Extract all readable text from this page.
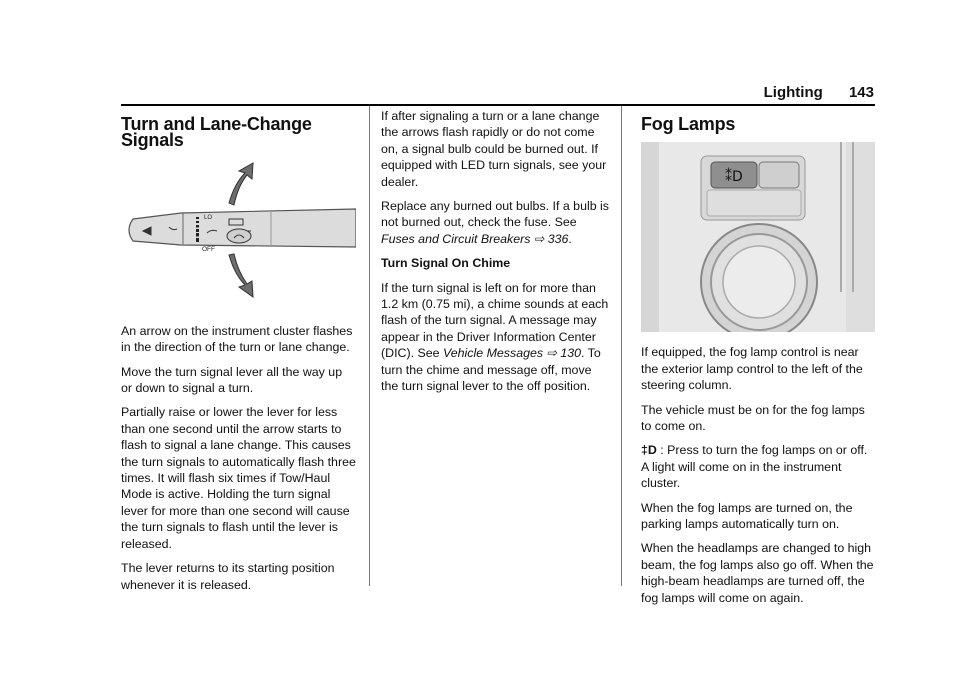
Lighting 143
Turn and Lane-Change Signals
LO
OFF

An arrow on the instrument cluster flashes in the direction of the turn or lane change.

Move the turn signal lever all the way up or down to signal a turn.

Partially raise or lower the lever for less than one second until the arrow starts to flash to signal a lane change. This causes the turn signals to automatically flash three times. It will flash six times if Tow/Haul Mode is active. Holding the turn signal lever for more than one second will cause the turn signals to flash until the lever is released.

The lever returns to its starting position whenever it is released.

If after signaling a turn or a lane change the arrows flash rapidly or do not come on, a signal bulb could be burned out. If equipped with LED turn signals, see your dealer.

Replace any burned out bulbs. If a bulb is not burned out, check the fuse. See Fuses and Circuit Breakers ⇨ 336.

Turn Signal On Chime

If the turn signal is left on for more than 1.2 km (0.75 mi), a chime sounds at each flash of the turn signal. A message may appear in the Driver Information Center (DIC). See Vehicle Messages ⇨ 130. To turn the chime and message off, move the turn signal lever to the off position.

Fog Lamps
⁑D

If equipped, the fog lamp control is near the exterior lamp control to the left of the steering column.

The vehicle must be on for the fog lamps to come on.

‡D : Press to turn the fog lamps on or off. A light will come on in the instrument cluster.

When the fog lamps are turned on, the parking lamps automatically turn on.

When the headlamps are changed to high beam, the fog lamps also go off. When the high-beam headlamps are turned off, the fog lamps will come on again.
